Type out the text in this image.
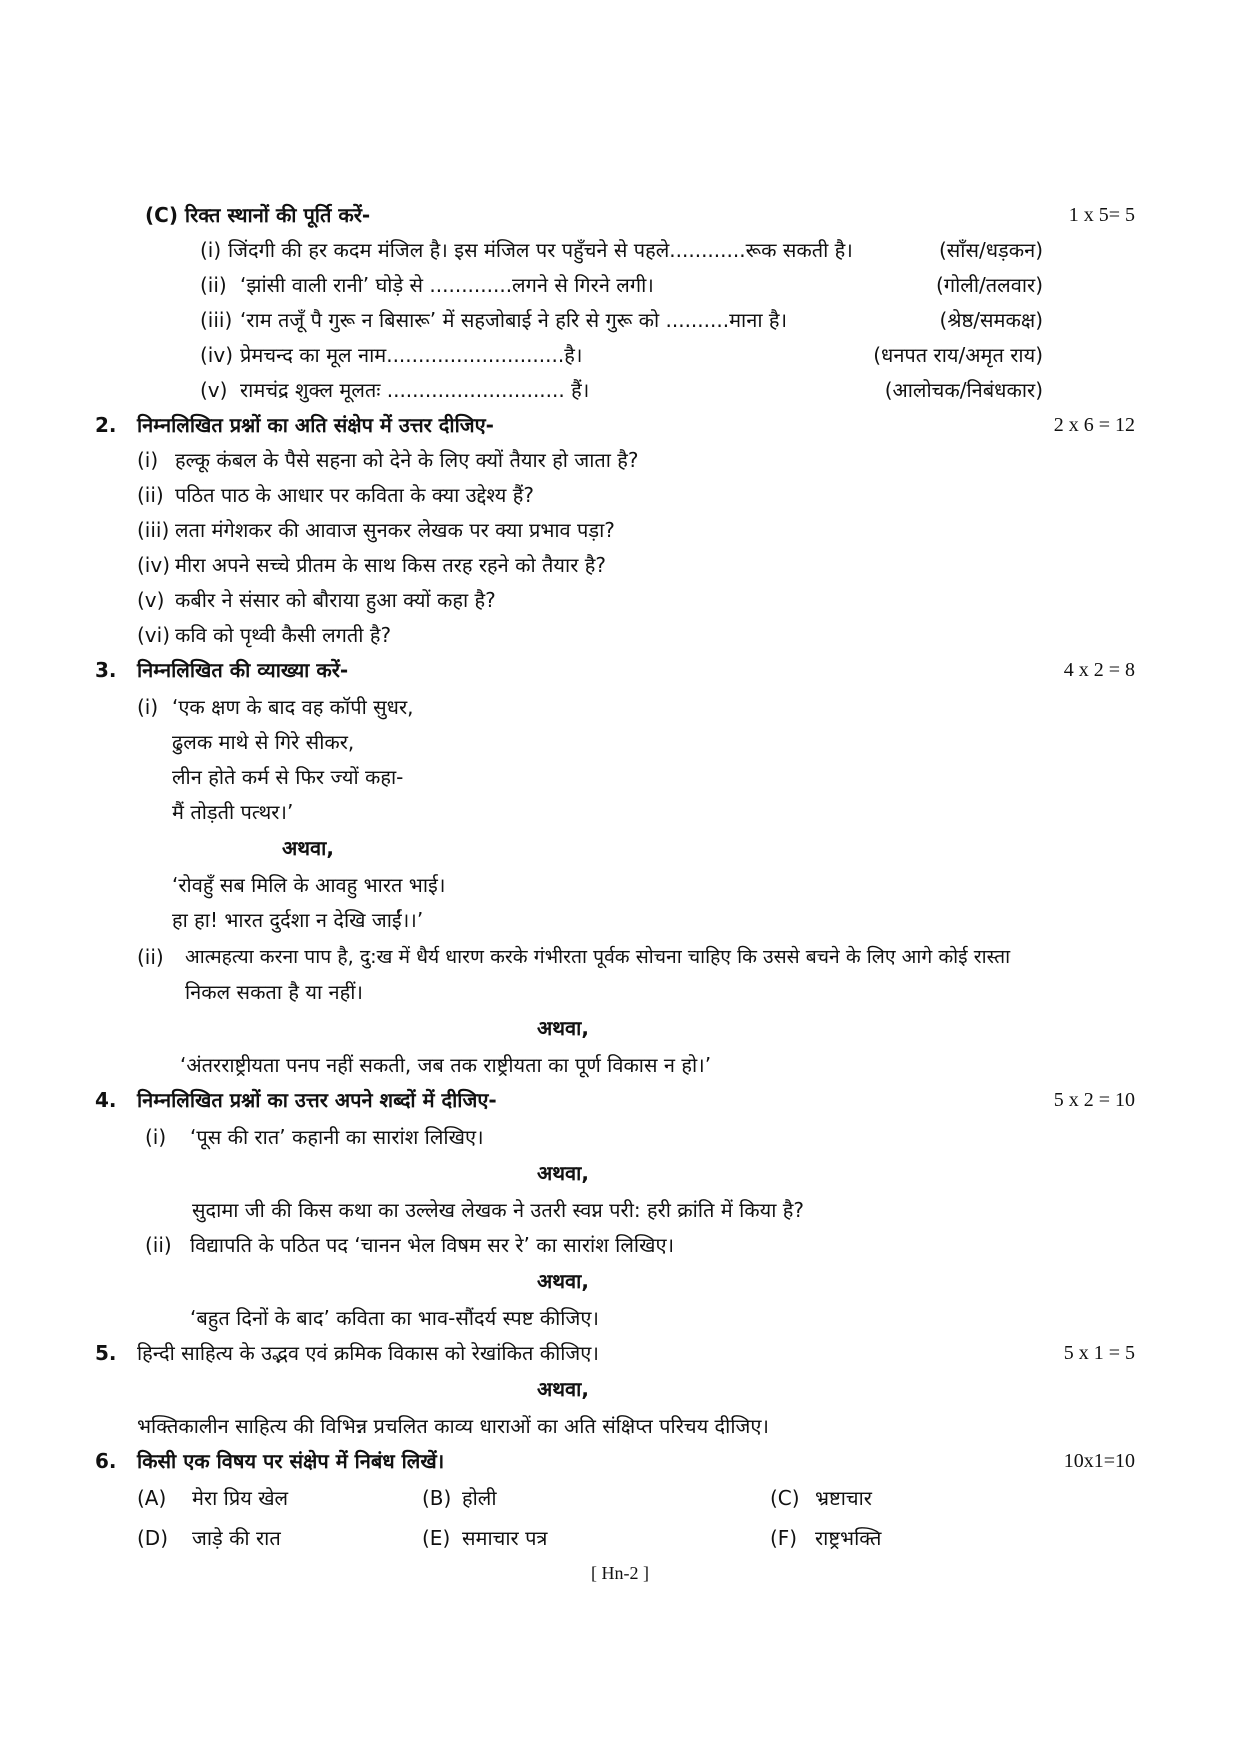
(C) रिक्त स्थानों की पूर्ति करें-	1 x 5= 5
(i) जिंदगी की हर कदम मंजिल है। इस मंजिल पर पहुँचने से पहले............रूक सकती है।	(साँस/धड़कन)
(ii) ‘झांसी वाली रानी’ घोड़े से .............लगने से गिरने लगी।	(गोली/तलवार)
(iii) ‘राम तजूँ पै गुरू न बिसारू’ में सहजोबाई ने हरि से गुरू को ..........माना है।	(श्रेष्ठ/समकक्ष)
(iv) प्रेमचन्द का मूल नाम............................है।	(धनपत राय/अमृत राय)
(v) रामचंद्र शुक्ल मूलतः ............................ हैं।	(आलोचक/निबंधकार)
2. निम्नलिखित प्रश्नों का अति संक्षेप में उत्तर दीजिए-	2 x 6 = 12
(i) हल्कू कंबल के पैसे सहना को देने के लिए क्यों तैयार हो जाता है?
(ii) पठित पाठ के आधार पर कविता के क्या उद्देश्य हैं?
(iii) लता मंगेशकर की आवाज सुनकर लेखक पर क्या प्रभाव पड़ा?
(iv) मीरा अपने सच्चे प्रीतम के साथ किस तरह रहने को तैयार है?
(v) कबीर ने संसार को बौराया हुआ क्यों कहा है?
(vi) कवि को पृथ्वी कैसी लगती है?
3. निम्नलिखित की व्याख्या करें-	4 x 2 = 8
(i) ‘एक क्षण के बाद वह कॉपी सुधर,
ढुलक माथे से गिरे सीकर,
लीन होते कर्म से फिर ज्यों कहा-
मैं तोड़ती पत्थर।’
अथवा,
‘रोवहुँ सब मिलि के आवहु भारत भाई।
हा हा! भारत दुर्दशा न देखि जाईं।।’
(ii) आत्महत्या करना पाप है, दु:ख में धैर्य धारण करके गंभीरता पूर्वक सोचना चाहिए कि उससे बचने के लिए आगे कोई रास्ता
निकल सकता है या नहीं।
अथवा,
‘अंतरराष्ट्रीयता पनप नहीं सकती, जब तक राष्ट्रीयता का पूर्ण विकास न हो।’
4. निम्नलिखित प्रश्नों का उत्तर अपने शब्दों में दीजिए-	5 x 2 = 10
(i) ‘पूस की रात’ कहानी का सारांश लिखिए।
अथवा,
सुदामा जी की किस कथा का उल्लेख लेखक ने उतरी स्वप्न परी: हरी क्रांति में किया है?
(ii) विद्यापति के पठित पद ‘चानन भेल विषम सर रे’ का सारांश लिखिए।
अथवा,
‘बहुत दिनों के बाद’ कविता का भाव-सौंदर्य स्पष्ट कीजिए।
5. हिन्दी साहित्य के उद्भव एवं क्रमिक विकास को रेखांकित कीजिए।	5 x 1 = 5
अथवा,
भक्तिकालीन साहित्य की विभिन्न प्रचलित काव्य धाराओं का अति संक्षिप्त परिचय दीजिए।
6. किसी एक विषय पर संक्षेप में निबंध लिखें।	10x1=10
(A) मेरा प्रिय खेल	(B) होली	(C) भ्रष्टाचार
(D) जाड़े की रात	(E) समाचार पत्र	(F) राष्ट्रभक्ति
[ Hn-2 ]
